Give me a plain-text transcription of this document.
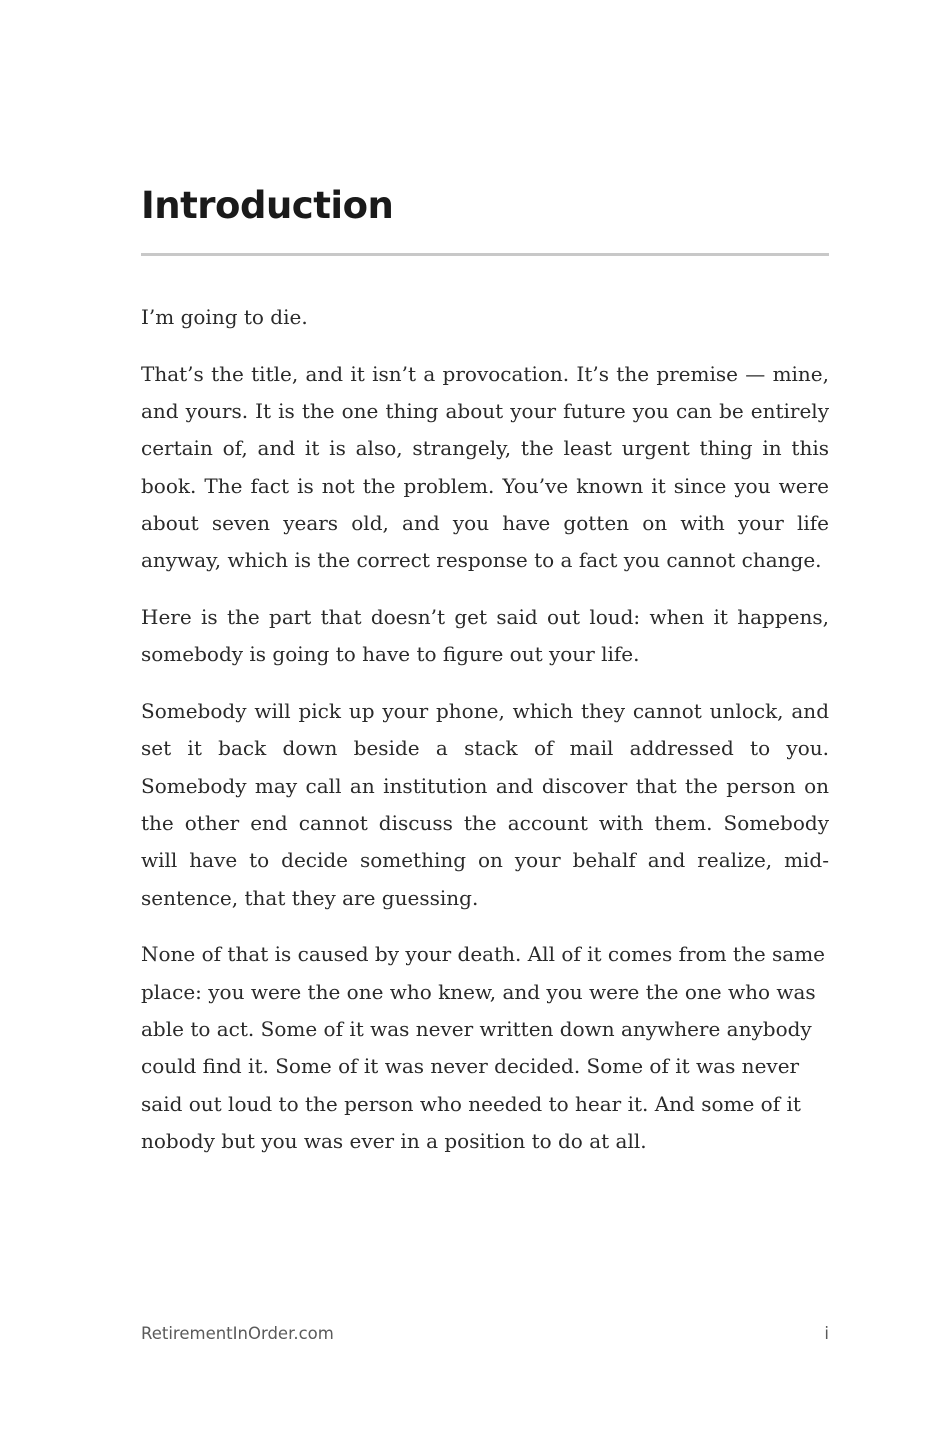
Introduction

I’m going to die.

That’s the title, and it isn’t a provocation. It’s the premise — mine, and yours. It is the one thing about your future you can be entirely certain of, and it is also, strangely, the least urgent thing in this book. The fact is not the problem. You’ve known it since you were about seven years old, and you have gotten on with your life anyway, which is the correct response to a fact you cannot change.

Here is the part that doesn’t get said out loud: when it happens, somebody is going to have to figure out your life.

Somebody will pick up your phone, which they cannot unlock, and set it back down beside a stack of mail addressed to you. Somebody may call an institution and discover that the person on the other end cannot discuss the account with them. Somebody will have to decide something on your behalf and realize, mid-sentence, that they are guessing.

None of that is caused by your death. All of it comes from the same place: you were the one who knew, and you were the one who was able to act. Some of it was never written down anywhere anybody could find it. Some of it was never decided. Some of it was never said out loud to the person who needed to hear it. And some of it nobody but you was ever in a position to do at all.

RetirementInOrder.com	i
